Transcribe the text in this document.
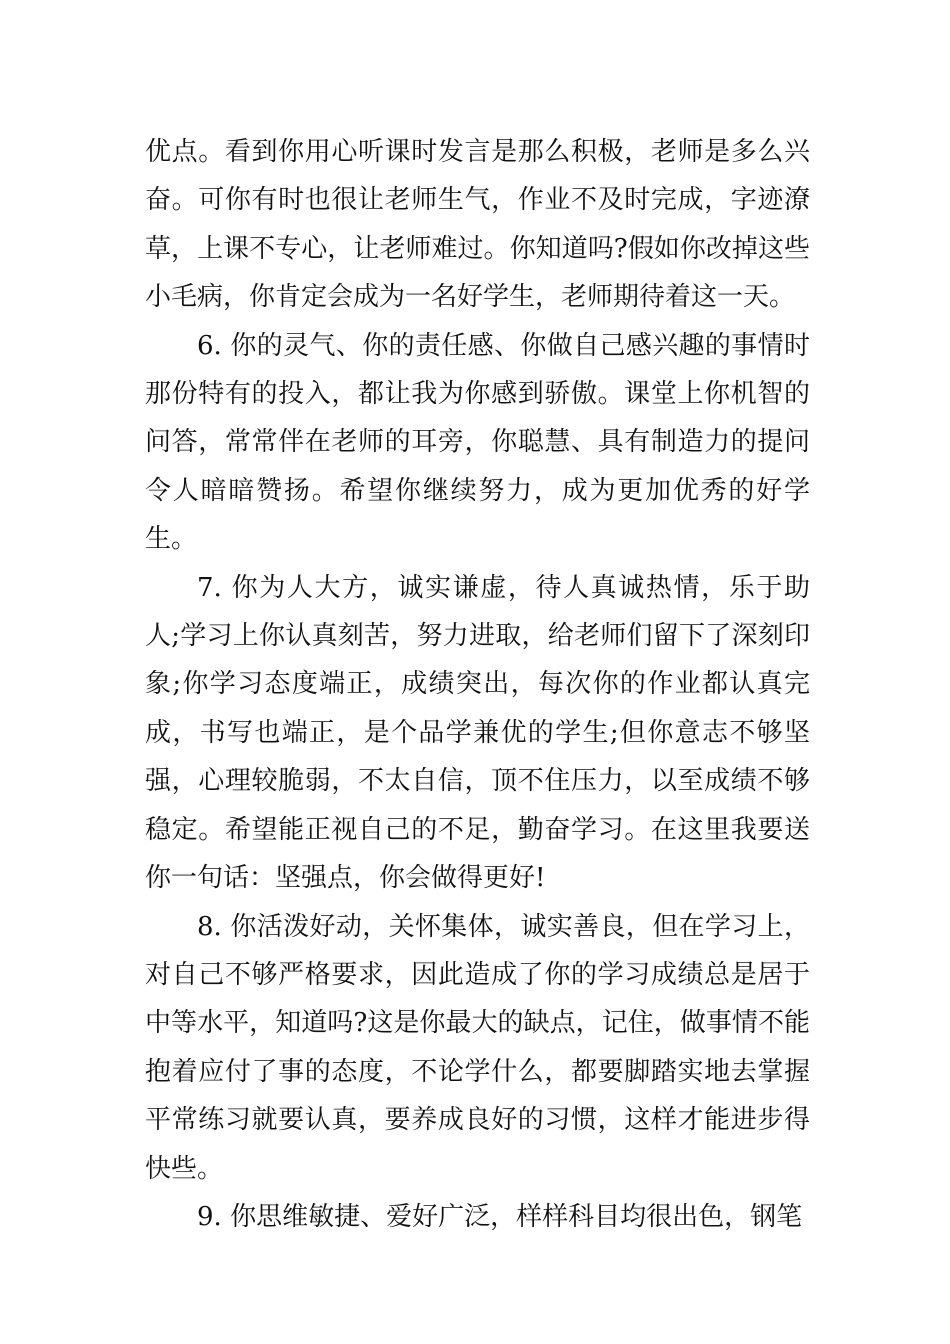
优点。看到你用心听课时发言是那么积极，老师是多么兴奋。可你有时也很让老师生气，作业不及时完成，字迹潦草，上课不专心，让老师难过。你知道吗?假如你改掉这些小毛病，你肯定会成为一名好学生，老师期待着这一天。

6. 你的灵气、你的责任感、你做自己感兴趣的事情时那份特有的投入，都让我为你感到骄傲。课堂上你机智的问答，常常伴在老师的耳旁，你聪慧、具有制造力的提问令人暗暗赞扬。希望你继续努力，成为更加优秀的好学生。

7. 你为人大方，诚实谦虚，待人真诚热情，乐于助人;学习上你认真刻苦，努力进取，给老师们留下了深刻印象;你学习态度端正，成绩突出，每次你的作业都认真完成，书写也端正，是个品学兼优的学生;但你意志不够坚强，心理较脆弱，不太自信，顶不住压力，以至成绩不够稳定。希望能正视自己的不足，勤奋学习。在这里我要送你一句话：坚强点，你会做得更好!

8. 你活泼好动，关怀集体，诚实善良，但在学习上，对自己不够严格要求，因此造成了你的学习成绩总是居于中等水平，知道吗?这是你最大的缺点，记住，做事情不能抱着应付了事的态度，不论学什么，都要脚踏实地去掌握平常练习就要认真，要养成良好的习惯，这样才能进步得快些。

9. 你思维敏捷、爱好广泛，样样科目均很出色，钢笔
